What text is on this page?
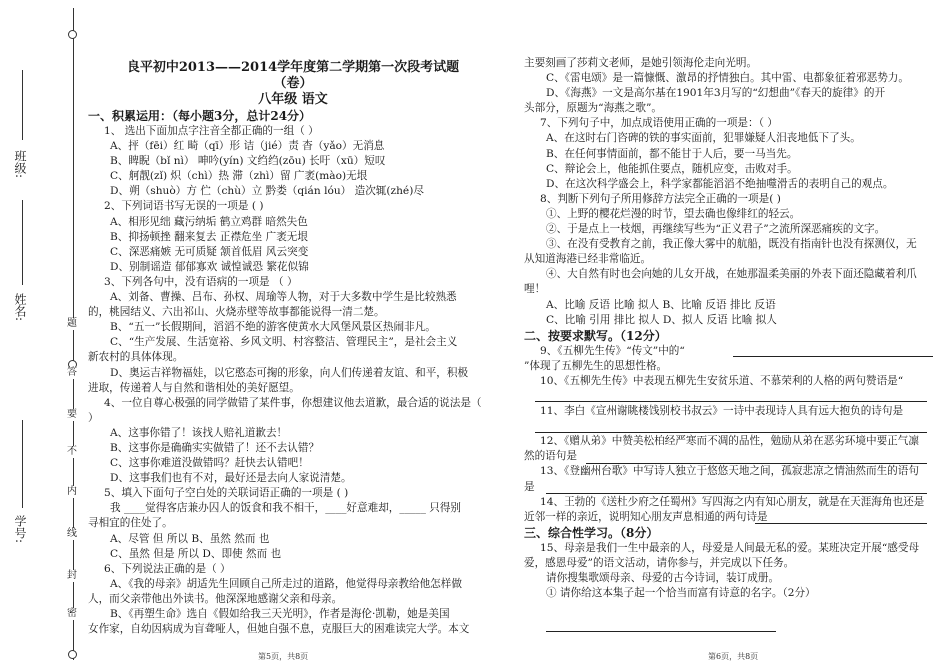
题
答
要
不
内
线
封
密
班级:
姓名:
学号:
良平初中2013——2014学年度第二学期第一次段考试题
（卷）
八年级 语文

一、积累运用：（每小题3分，总计24分）

1、 选出下面加点字注音全都正确的一组（ ）

A、抨（fēi）红 畸（qī）形 诘（jié）责 杳（yǎo）无消息

B、睥睨（bǐ nì） 呻吟(yín) 文绉绉(zōu) 长吁（xū）短叹

C、舸靓(zǐ) 炽（chì）热 滞（zhì）留 广袤(mào)无垠

D、朔（shuò）方 伫（chù）立 黔娄（qián lóu） 造次辄(zhé)尽

2、下列词语书写无误的一项是 ( )

A、相形见绌 藏污纳垢 鹤立鸡群 暗然失色

B、抑扬顿挫 翻来复去 正襟危坐 广袤无垠

C、深恶痛嫉 无可质疑 颔首低眉 风云突变

D、别制谣造 郁郁寡欢 诚惶诚恐 繁花似锦

3、下列各句中，没有语病的一项是 （ ）

A、刘备、曹操、吕布、孙权、周瑜等人物，对于大多数中学生是比较熟悉

的，桃园结义、六出祁山、火烧赤壁等故事都能说得一清二楚。

B、“五一”长假期间，滔滔不绝的游客使黄水大风堡风景区热闹非凡。

C、“生产发展、生活宽裕、乡风文明、村容整洁、管理民主”，是社会主义

新农村的具体体现。

D、奥运吉祥物福娃，以它憨态可掬的形象，向人们传递着友谊、和平，积极

进取，传递着人与自然和谐相处的美好愿望。

4、一位自尊心极强的同学做错了某件事，你想建议他去道歉，最合适的说法是（

）

A、这事你错了！该找人赔礼道歉去！

B、这事你是确确实实做错了！还不去认错？

C、这事你难道没做错吗？赶快去认错吧！

D、这事我们也有不对，最好还是去向人家说清楚。

5、填入下面句子空白处的关联词语正确的一项是 ( )

我 ____觉得客店兼办囚人的饭食和我不相干，____好意难却，_____ 只得别

寻相宜的住处了。

A、尽管 但 所以 B、虽然 然而 也

C、虽然 但是 所以 D、即使 然而 也

6、下列说法正确的是（ ）

A、《我的母亲》胡适先生回顾自己所走过的道路，他觉得母亲教给他怎样做

人，而父亲带他出外读书。他深深地感谢父亲和母亲。

B、《再塑生命》选自《假如给我三天光明》，作者是海伦·凯勒，她是美国

女作家，自幼因病成为盲聋哑人，但她自强不息，克服巨大的困难读完大学。本文

主要刻画了莎莉文老师，是她引领海伦走向光明。

C、《雷电颂》是一篇慷慨、激昂的抒情独白。其中雷、电都象征着邪恶势力。

D、《海燕》一文是高尔基在1901年3月写的“幻想曲”《春天的旋律》的开

头部分，原题为“海燕之歌”。

7、下列句子中，加点成语使用正确的一项是：（ ）

A、在这时右门咨碑的铁的事实面前，犯罪嫌疑人汨丧地低下了头。

B、在任何事情面前，都不能甘于人后，要一马当先。

C、辩论会上，他能抓住要点，随机应变，击败对手。

D、在这次科学盛会上，科学家都能滔滔不绝抽噬滑舌的表明自己的观点。

8、判断下列句子所用修辞方法完全正确的一项是( )

①、上野的樱花烂漫的时节，望去确也像绯红的轻云。

②、于是点上一枝烟，再继续写些为“正义君子”之流所深恶痛疾的文字。

③、在没有受教育之前，我正像大雾中的航船，既没有指南针也没有探测仪，无

从知道海港已经非常临近。

④、大自然有时也会向她的儿女开战，在她那温柔美丽的外表下面还隐藏着利爪

哩！

A、比喻 反语 比喻 拟人 B、比喻 反语 排比 反语

C、比喻 引用 排比 拟人 D、拟人 反语 比喻 拟人

二、按要求默写。（12分）

9、《五柳先生传》“传文”中的“

”体现了五柳先生的思想性格。

10、《五柳先生传》中表现五柳先生安贫乐道、不慕荣利的人格的两句赞语是“

11、李白《宣州谢眺楼饯别校书叔云》一诗中表现诗人具有远大抱负的诗句是

12、《赠从弟》中赞美松柏经严寒而不凋的品性，勉励从弟在恶劣环境中要正气凛

然的语句是

13、《登幽州台歌》中写诗人独立于悠悠天地之间，孤寂悲凉之情油然而生的语句

是

14、王勃的《送杜少府之任蜀州》写四海之内有知心朋友，就是在天涯海角也还是

近邻一样的亲近，说明知心朋友声息相通的两句诗是

三、综合性学习。（8分）

15、母亲是我们一生中最亲的人，母爱是人间最无私的爱。某班决定开展“感受母

爱，感恩母爱”的语文活动，请你参与，并完成以下任务。

请你搜集歌颂母亲、母爱的古今诗词，装订成册。

① 请你给这本集子起一个恰当而富有诗意的名字。（2分）

第5页，共8页	第6页，共8页
